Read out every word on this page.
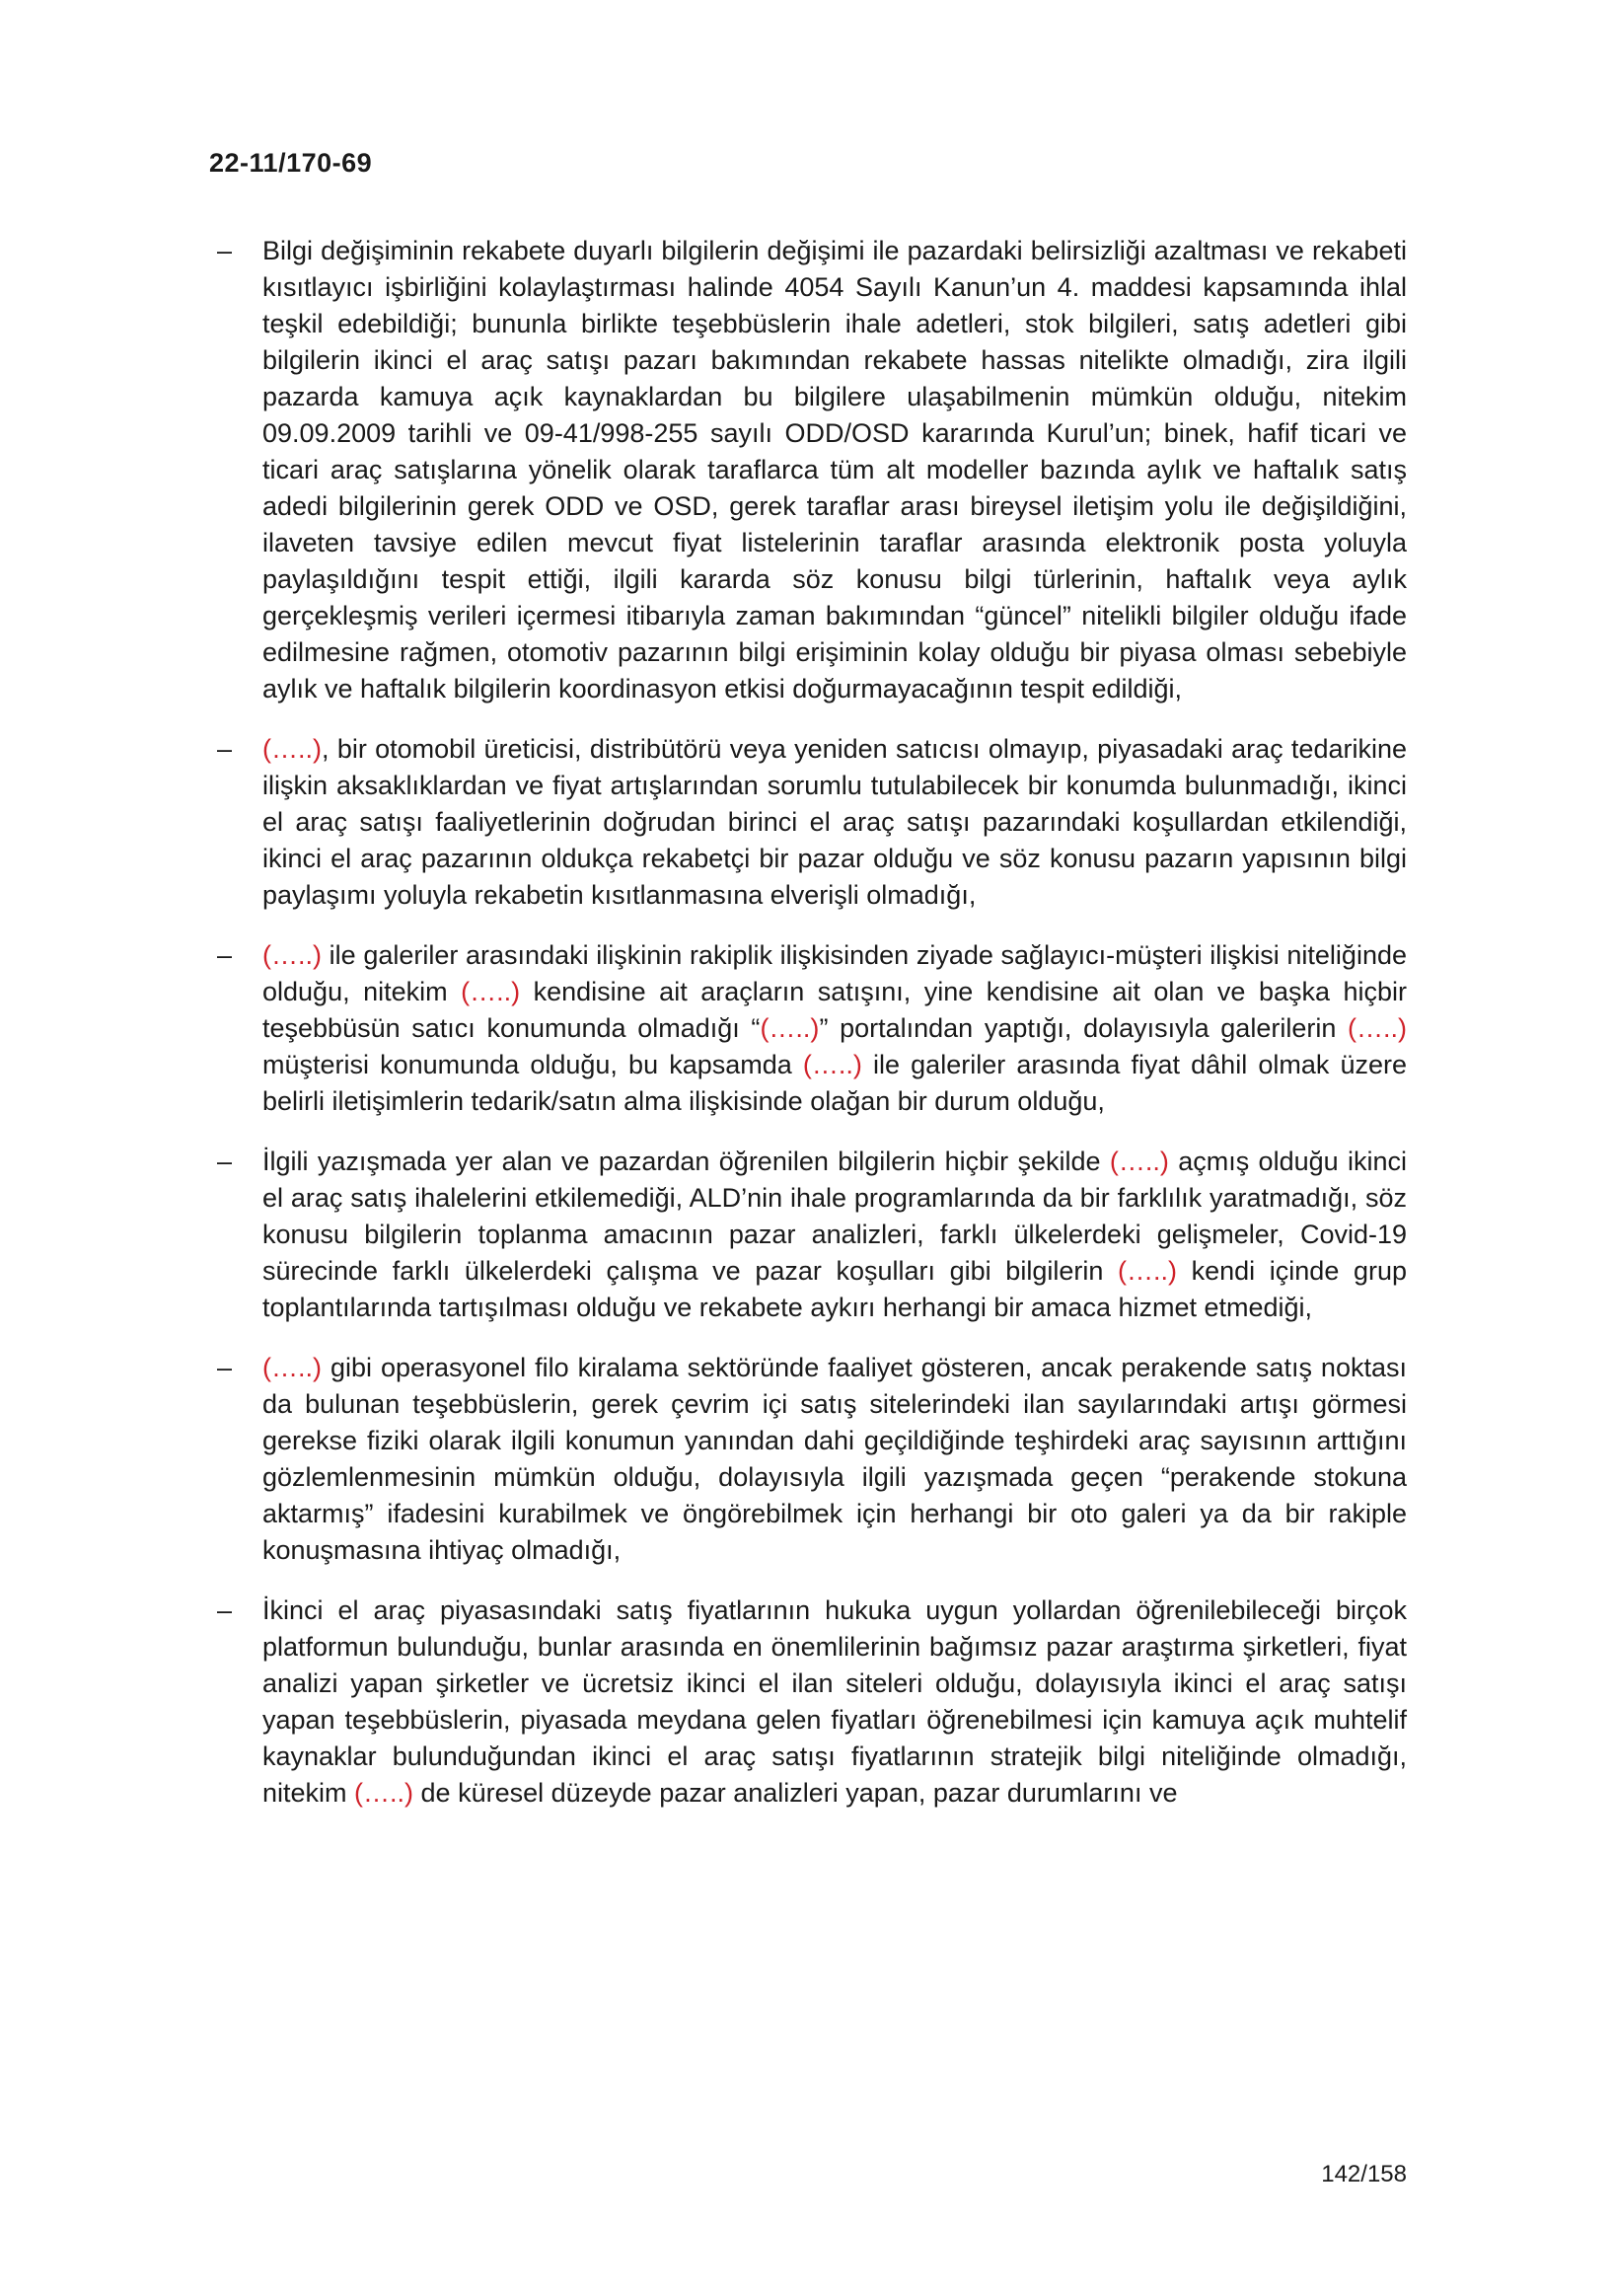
22-11/170-69
– Bilgi değişiminin rekabete duyarlı bilgilerin değişimi ile pazardaki belirsizliği azaltması ve rekabeti kısıtlayıcı işbirliğini kolaylaştırması halinde 4054 Sayılı Kanun’un 4. maddesi kapsamında ihlal teşkil edebildiği; bununla birlikte teşebbüslerin ihale adetleri, stok bilgileri, satış adetleri gibi bilgilerin ikinci el araç satışı pazarı bakımından rekabete hassas nitelikte olmadığı, zira ilgili pazarda kamuya açık kaynaklardan bu bilgilere ulaşabilmenin mümkün olduğu, nitekim 09.09.2009 tarihli ve 09-41/998-255 sayılı ODD/OSD kararında Kurul’un; binek, hafif ticari ve ticari araç satışlarına yönelik olarak taraflarca tüm alt modeller bazında aylık ve haftalık satış adedi bilgilerinin gerek ODD ve OSD, gerek taraflar arası bireysel iletişim yolu ile değişildiğini, ilaveten tavsiye edilen mevcut fiyat listelerinin taraflar arasında elektronik posta yoluyla paylaşıldığını tespit ettiği, ilgili kararda söz konusu bilgi türlerinin, haftalık veya aylık gerçekleşmiş verileri içermesi itibarıyla zaman bakımından “güncel” nitelikli bilgiler olduğu ifade edilmesine rağmen, otomotiv pazarının bilgi erişiminin kolay olduğu bir piyasa olması sebebiyle aylık ve haftalık bilgilerin koordinasyon etkisi doğurmayacağının tespit edildiği,
– (…..), bir otomobil üreticisi, distribütörü veya yeniden satıcısı olmayıp, piyasadaki araç tedarikine ilişkin aksaklıklardan ve fiyat artışlarından sorumlu tutulabilecek bir konumda bulunmadığı, ikinci el araç satışı faaliyetlerinin doğrudan birinci el araç satışı pazarındaki koşullardan etkilendiği, ikinci el araç pazarının oldukça rekabetçi bir pazar olduğu ve söz konusu pazarın yapısının bilgi paylaşımı yoluyla rekabetin kısıtlanmasına elverişli olmadığı,
– (…..) ile galeriler arasındaki ilişkinin rakiplik ilişkisinden ziyade sağlayıcı-müşteri ilişkisi niteliğinde olduğu, nitekim (…..) kendisine ait araçların satışını, yine kendisine ait olan ve başka hiçbir teşebbüsün satıcı konumunda olmadığı “(…..)” portalından yaptığı, dolayısıyla galerilerin (…..) müşterisi konumunda olduğu, bu kapsamda (…..) ile galeriler arasında fiyat dâhil olmak üzere belirli iletişimlerin tedarik/satın alma ilişkisinde olağan bir durum olduğu,
– İlgili yazışmada yer alan ve pazardan öğrenilen bilgilerin hiçbir şekilde (…..) açmış olduğu ikinci el araç satış ihalelerini etkilemediği, ALD’nin ihale programlarında da bir farklılık yaratmadığı, söz konusu bilgilerin toplanma amacının pazar analizleri, farklı ülkelerdeki gelişmeler, Covid-19 sürecinde farklı ülkelerdeki çalışma ve pazar koşulları gibi bilgilerin (…..) kendi içinde grup toplantılarında tartışılması olduğu ve rekabete aykırı herhangi bir amaca hizmet etmediği,
– (…..) gibi operasyonel filo kiralama sektöründe faaliyet gösteren, ancak perakende satış noktası da bulunan teşebbüslerin, gerek çevrim içi satış sitelerindeki ilan sayılarındaki artışı görmesi gerekse fiziki olarak ilgili konumun yanından dahi geçildiğinde teşhirdeki araç sayısının arttığını gözlemlenmesinin mümkün olduğu, dolayısıyla ilgili yazışmada geçen “perakende stokuna aktarmış” ifadesini kurabilmek ve öngörebilmek için herhangi bir oto galeri ya da bir rakiple konuşmasına ihtiyaç olmadığı,
– İkinci el araç piyasasındaki satış fiyatlarının hukuka uygun yollardan öğrenilebileceği birçok platformun bulunduğu, bunlar arasında en önemlilerinin bağımsız pazar araştırma şirketleri, fiyat analizi yapan şirketler ve ücretsiz ikinci el ilan siteleri olduğu, dolayısıyla ikinci el araç satışı yapan teşebbüslerin, piyasada meydana gelen fiyatları öğrenebilmesi için kamuya açık muhtelif kaynaklar bulunduğundan ikinci el araç satışı fiyatlarının stratejik bilgi niteliğinde olmadığı, nitekim (…..) de küresel düzeyde pazar analizleri yapan, pazar durumlarını ve
142/158
